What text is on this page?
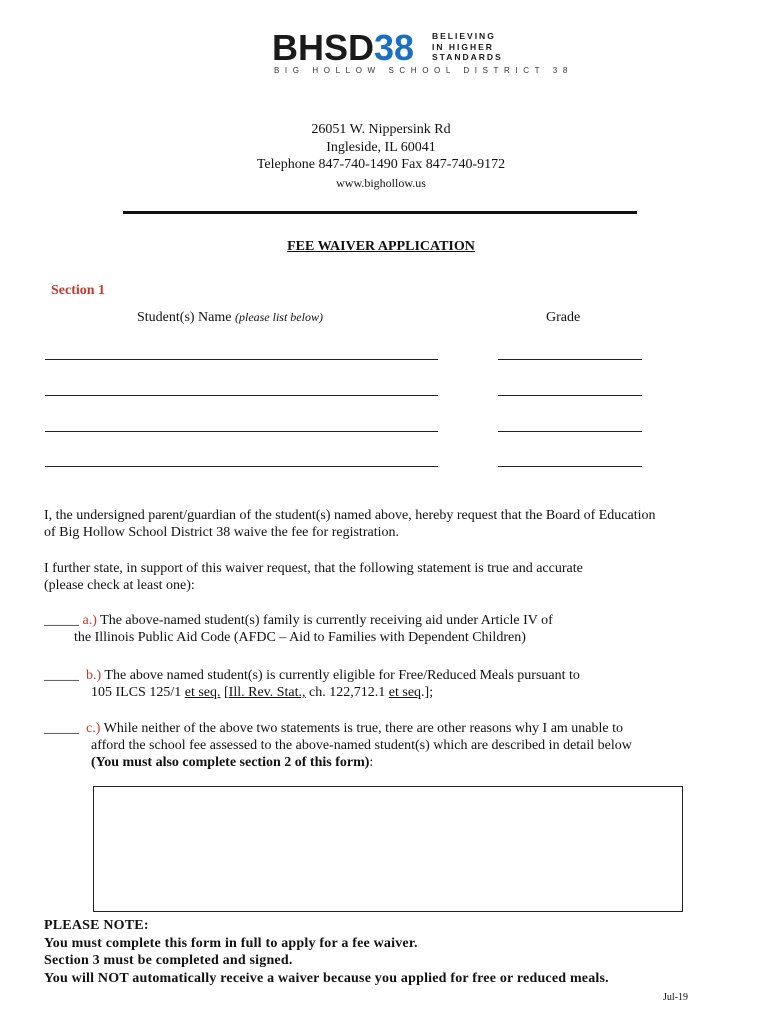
BHSD38 BELIEVING
IN HIGHER
STANDARDS
BIG HOLLOW SCHOOL DISTRICT 38
26051 W. Nippersink Rd
Ingleside, IL 60041
Telephone 847-740-1490 Fax 847-740-9172
www.bighollow.us
FEE WAIVER APPLICATION
Section 1
Student(s) Name (please list below)	Grade
I, the undersigned parent/guardian of the student(s) named above, hereby request that the Board of Education
of Big Hollow School District 38 waive the fee for registration.
I further state, in support of this waiver request, that the following statement is true and accurate
(please check at least one):
_____ a.) The above-named student(s) family is currently receiving aid under Article IV of
the Illinois Public Aid Code (AFDC – Aid to Families with Dependent Children)
_____ b.) The above named student(s) is currently eligible for Free/Reduced Meals pursuant to
105 ILCS 125/1 et seq. [Ill. Rev. Stat., ch. 122,712.1 et seq.];
_____ c.) While neither of the above two statements is true, there are other reasons why I am unable to
afford the school fee assessed to the above-named student(s) which are described in detail below
(You must also complete section 2 of this form):
PLEASE NOTE:
You must complete this form in full to apply for a fee waiver.
Section 3 must be completed and signed.
You will NOT automatically receive a waiver because you applied for free or reduced meals.
Jul-19
